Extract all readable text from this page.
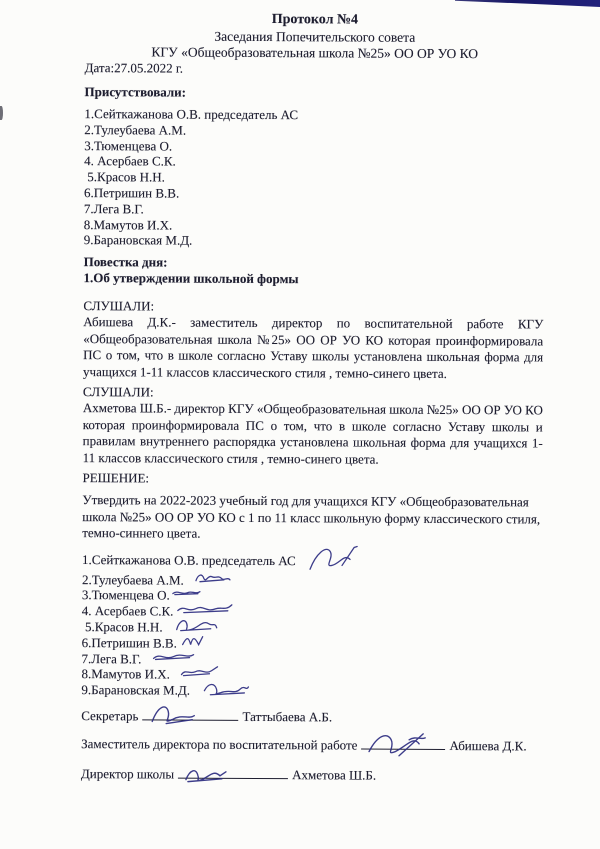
Протокол №4
Заседания Попечительского совета
КГУ «Общеобразовательная школа №25» ОО ОР УО КО
Дата:27.05.2022 г.
Присутствовали:
1.Сейткажанова О.В. председатель АС
2.Тулеубаева А.М.
3.Тюменцева О.
4. Асербаев С.К.
5.Красов Н.Н.
6.Петришин В.В.
7.Лега В.Г.
8.Мамутов И.Х.
9.Барановская М.Д.
Повестка дня:
1.Об утверждении школьной формы
СЛУШАЛИ:

Абишева Д.К.- заместитель директор по воспитательной работе КГУ «Общеобразовательная школа №25» ОО ОР УО КО которая проинформировала ПС о том, что в школе согласно Уставу школы установлена школьная форма для учащихся 1-11 классов классического стиля , темно-синего цвета.

СЛУШАЛИ:

Ахметова Ш.Б.- директор КГУ «Общеобразовательная школа №25» ОО ОР УО КО которая проинформировала ПС о том, что в школе согласно Уставу школы и правилам внутреннего распорядка установлена школьная форма для учащихся 1-11 классов классического стиля , темно-синего цвета.

РЕШЕНИЕ:

Утвердить на 2022-2023 учебный год для учащихся КГУ «Общеобразовательная школа №25» ОО ОР УО КО с 1 по 11 класс школьную форму классического стиля, темно-синнего цвета.

1.Сейткажанова О.В. председатель АС
2.Тулеубаева А.М.
3.Тюменцева О.
4. Асербаев С.К.
5.Красов Н.Н.
6.Петришин В.В.
7.Лега В.Г.
8.Мамутов И.Х.
9.Барановская М.Д.
Секретарь	Таттыбаева А.Б.
Заместитель директора по воспитательной работе	Абишева Д.К.
Директор школы	Ахметова Ш.Б.
